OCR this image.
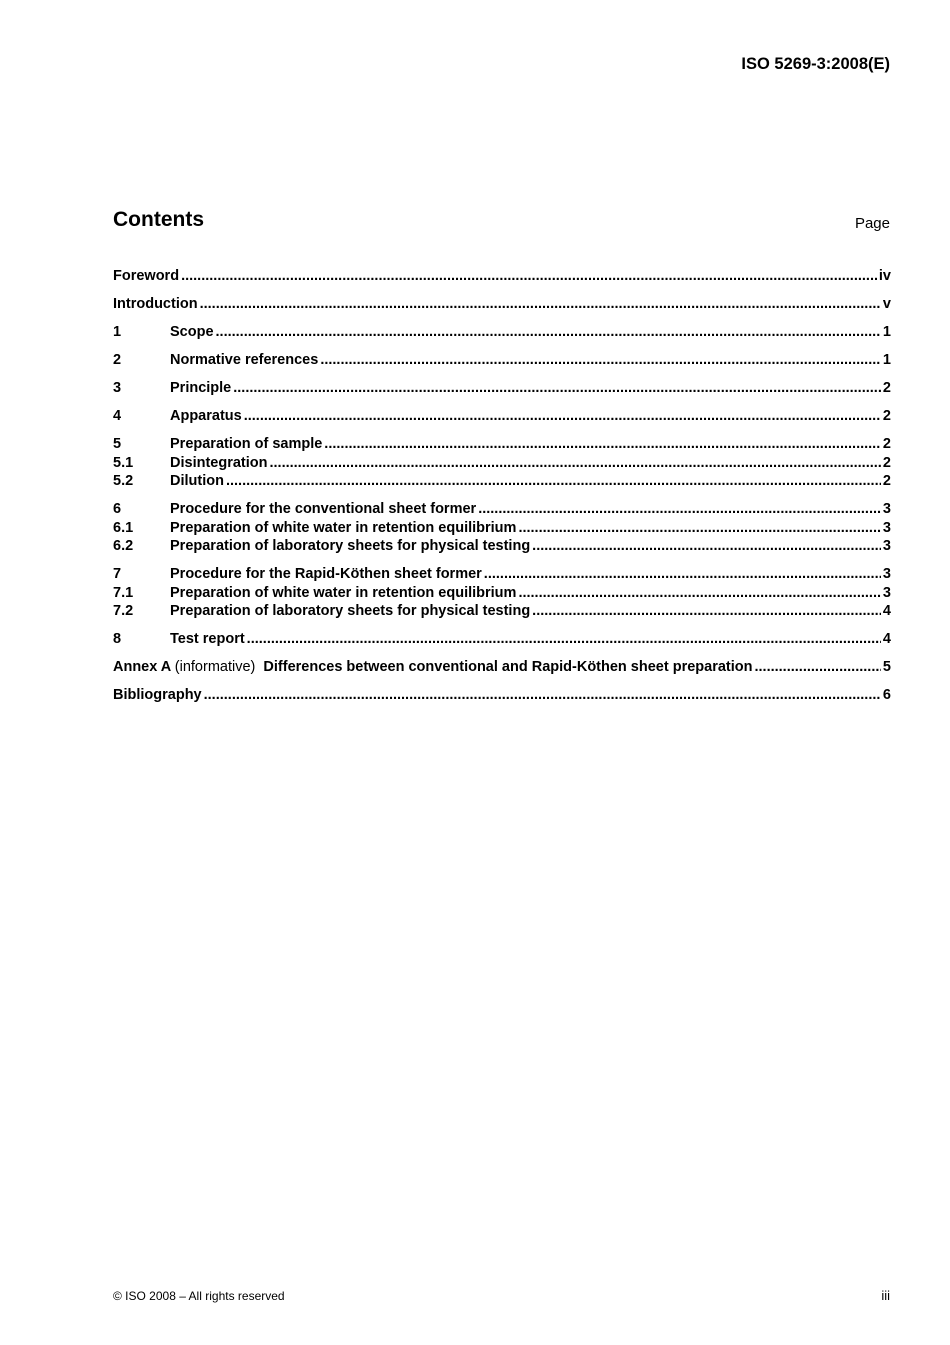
ISO 5269-3:2008(E)
Contents	Page
Foreword .....	iv
Introduction .....	v
1	Scope .....	1
2	Normative references .....	1
3	Principle .....	2
4	Apparatus .....	2
5	Preparation of sample .....	2
5.1	Disintegration .....	2
5.2	Dilution .....	2
6	Procedure for the conventional sheet former .....	3
6.1	Preparation of white water in retention equilibrium .....	3
6.2	Preparation of laboratory sheets for physical testing .....	3
7	Procedure for the Rapid-Köthen sheet former .....	3
7.1	Preparation of white water in retention equilibrium .....	3
7.2	Preparation of laboratory sheets for physical testing .....	4
8	Test report .....	4
Annex A (informative) Differences between conventional and Rapid-Köthen sheet preparation .....	5
Bibliography .....	6
© ISO 2008 – All rights reserved	iii
